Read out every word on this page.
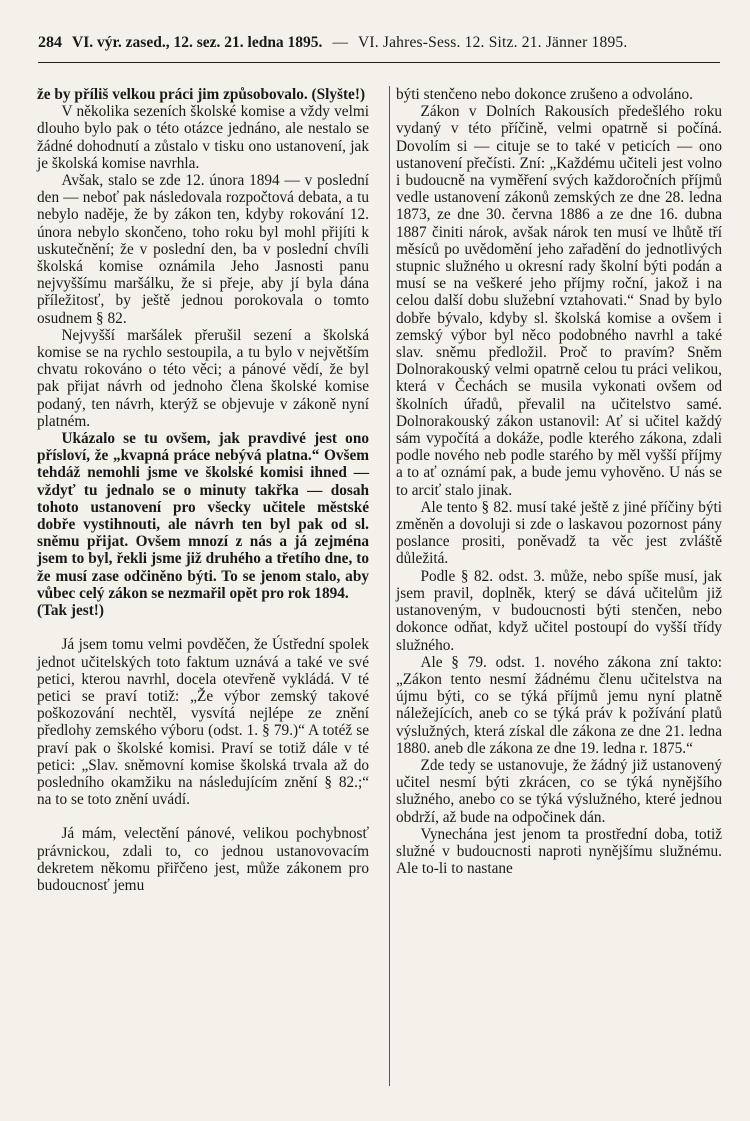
284 VI. výr. zased., 12. sez. 21. ledna 1895. — VI. Jahres-Sess. 12. Sitz. 21. Jänner 1895.

že by příliš velkou práci jim způsobovalo. (Slyšte!)

V několika sezeních školské komise a vždy velmi dlouho bylo pak o této otázce jednáno, ale nestalo se žádné dohodnutí a zůstalo v tisku ono ustanovení, jak je školská komise navrhla.

Avšak, stalo se zde 12. února 1894 — v poslední den — neboť pak následovala rozpočtová debata, a tu nebylo naděje, že by zákon ten, kdyby rokování 12. února nebylo skončeno, toho roku byl mohl přijíti k uskutečnění; že v poslední den, ba v poslední chvíli školská komise oznámila Jeho Jasnosti panu nejvyššímu maršálku, že si přeje, aby jí byla dána příležitosť, by ještě jednou porokovala o tomto osudnem § 82.

Nejvyšší maršálek přerušil sezení a školská komise se na rychlo sestoupila, a tu bylo v největším chvatu rokováno o této věci; a pánové vědí, že byl pak přijat návrh od jednoho člena školské komise podaný, ten návrh, kterýž se objevuje v zákoně nyní platném.

Ukázalo se tu ovšem, jak pravdivé jest ono přísloví, že „kvapná práce nebývá platna.“ Ovšem tehdáž nemohli jsme ve školské komisi ihned — vždyť tu jednalo se o minuty takřka — dosah tohoto ustanovení pro všecky učitele městské dobře vystihnouti, ale návrh ten byl pak od sl. sněmu přijat. Ovšem mnozí z nás a já zejména jsem to byl, řekli jsme již druhého a třetího dne, to že musí zase odčiněno býti. To se jenom stalo, aby vůbec celý zákon se nezmařil opět pro rok 1894.

(Tak jest!)

Já jsem tomu velmi povděčen, že Ústřední spolek jednot učitelských toto faktum uznává a také ve své petici, kterou navrhl, docela otevřeně vykládá. V té petici se praví totiž: „Že výbor zemský takové poškozování nechtěl, vysvítá nejlépe ze znění předlohy zemského výboru (odst. 1. § 79.)“ A totéž se praví pak o školské komisi. Praví se totiž dále v té petici: „Slav. sněmovní komise školská trvala až do posledního okamžiku na následujícím znění § 82.;“ na to se toto znění uvádí.

Já mám, velectění pánové, velikou pochybnosť právnickou, zdali to, co jednou ustanovovacím dekretem někomu přiřčeno jest, může zákonem pro budoucnosť jemu

býti stenčeno nebo dokonce zrušeno a odvoláno.

Zákon v Dolních Rakousích předešlého roku vydaný v této příčině, velmi opatrně si počíná. Dovolím si — cituje se to také v peticích — ono ustanovení přečísti. Zní: „Každému učiteli jest volno i budoucně na vyměření svých každoročních příjmů vedle ustanovení zákonů zemských ze dne 28. ledna 1873, ze dne 30. června 1886 a ze dne 16. dubna 1887 činiti nárok, avšak nárok ten musí ve lhůtě tří měsíců po uvědomění jeho zařadění do jednotlivých stupnic služného u okresní rady školní býti podán a musí se na veškeré jeho příjmy roční, jakož i na celou další dobu služební vztahovati.“ Snad by bylo dobře bývalo, kdyby sl. školská komise a ovšem i zemský výbor byl něco podobného navrhl a také slav. sněmu předložil. Proč to pravím? Sněm Dolnorakouský velmi opatrně celou tu práci velikou, která v Čechách se musila vykonati ovšem od školních úřadů, převalil na učitelstvo samé. Dolnorakouský zákon ustanovil: Ať si učitel každý sám vypočítá a dokáže, podle kterého zákona, zdali podle nového neb podle starého by měl vyšší příjmy a to ať oznámí pak, a bude jemu vyhověno. U nás se to arciť stalo jinak.

Ale tento § 82. musí také ještě z jiné příčiny býti změněn a dovoluji si zde o laskavou pozornost pány poslance prositi, poněvadž ta věc jest zvláště důležitá.

Podle § 82. odst. 3. může, nebo spíše musí, jak jsem pravil, doplněk, který se dává učitelům již ustanoveným, v budoucnosti býti stenčen, nebo dokonce odňat, když učitel postoupí do vyšší třídy služného.

Ale § 79. odst. 1. nového zákona zní takto: „Zákon tento nesmí žádnému členu učitelstva na újmu býti, co se týká příjmů jemu nyní platně náležejících, aneb co se týká práv k požívání platů výslužných, která získal dle zákona ze dne 21. ledna 1880. aneb dle zákona ze dne 19. ledna r. 1875.“

Zde tedy se ustanovuje, že žádný již ustanovený učitel nesmí býti zkrácen, co se týká nynějšího služného, anebo co se týká výslužného, které jednou obdrží, až bude na odpočinek dán.

Vynechána jest jenom ta prostřední doba, totiž služné v budoucnosti naproti nynějšímu služnému. Ale to-li to nastane
